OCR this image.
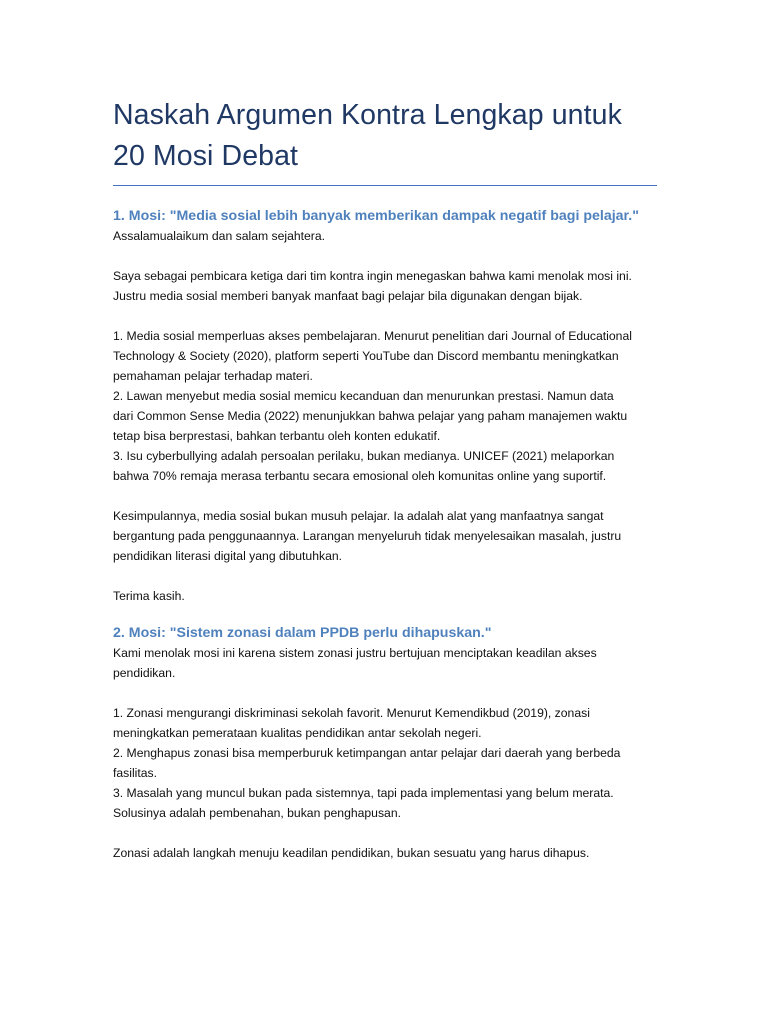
Naskah Argumen Kontra Lengkap untuk 20 Mosi Debat
1. Mosi: "Media sosial lebih banyak memberikan dampak negatif bagi pelajar."

Assalamualaikum dan salam sejahtera.

Saya sebagai pembicara ketiga dari tim kontra ingin menegaskan bahwa kami menolak mosi ini.
Justru media sosial memberi banyak manfaat bagi pelajar bila digunakan dengan bijak.

1. Media sosial memperluas akses pembelajaran. Menurut penelitian dari Journal of Educational
Technology & Society (2020), platform seperti YouTube dan Discord membantu meningkatkan
pemahaman pelajar terhadap materi.

2. Lawan menyebut media sosial memicu kecanduan dan menurunkan prestasi. Namun data
dari Common Sense Media (2022) menunjukkan bahwa pelajar yang paham manajemen waktu
tetap bisa berprestasi, bahkan terbantu oleh konten edukatif.

3. Isu cyberbullying adalah persoalan perilaku, bukan medianya. UNICEF (2021) melaporkan
bahwa 70% remaja merasa terbantu secara emosional oleh komunitas online yang suportif.

Kesimpulannya, media sosial bukan musuh pelajar. Ia adalah alat yang manfaatnya sangat
bergantung pada penggunaannya. Larangan menyeluruh tidak menyelesaikan masalah, justru
pendidikan literasi digital yang dibutuhkan.

Terima kasih.

2. Mosi: "Sistem zonasi dalam PPDB perlu dihapuskan."

Kami menolak mosi ini karena sistem zonasi justru bertujuan menciptakan keadilan akses
pendidikan.

1. Zonasi mengurangi diskriminasi sekolah favorit. Menurut Kemendikbud (2019), zonasi
meningkatkan pemerataan kualitas pendidikan antar sekolah negeri.

2. Menghapus zonasi bisa memperburuk ketimpangan antar pelajar dari daerah yang berbeda
fasilitas.

3. Masalah yang muncul bukan pada sistemnya, tapi pada implementasi yang belum merata.
Solusinya adalah pembenahan, bukan penghapusan.

Zonasi adalah langkah menuju keadilan pendidikan, bukan sesuatu yang harus dihapus.
